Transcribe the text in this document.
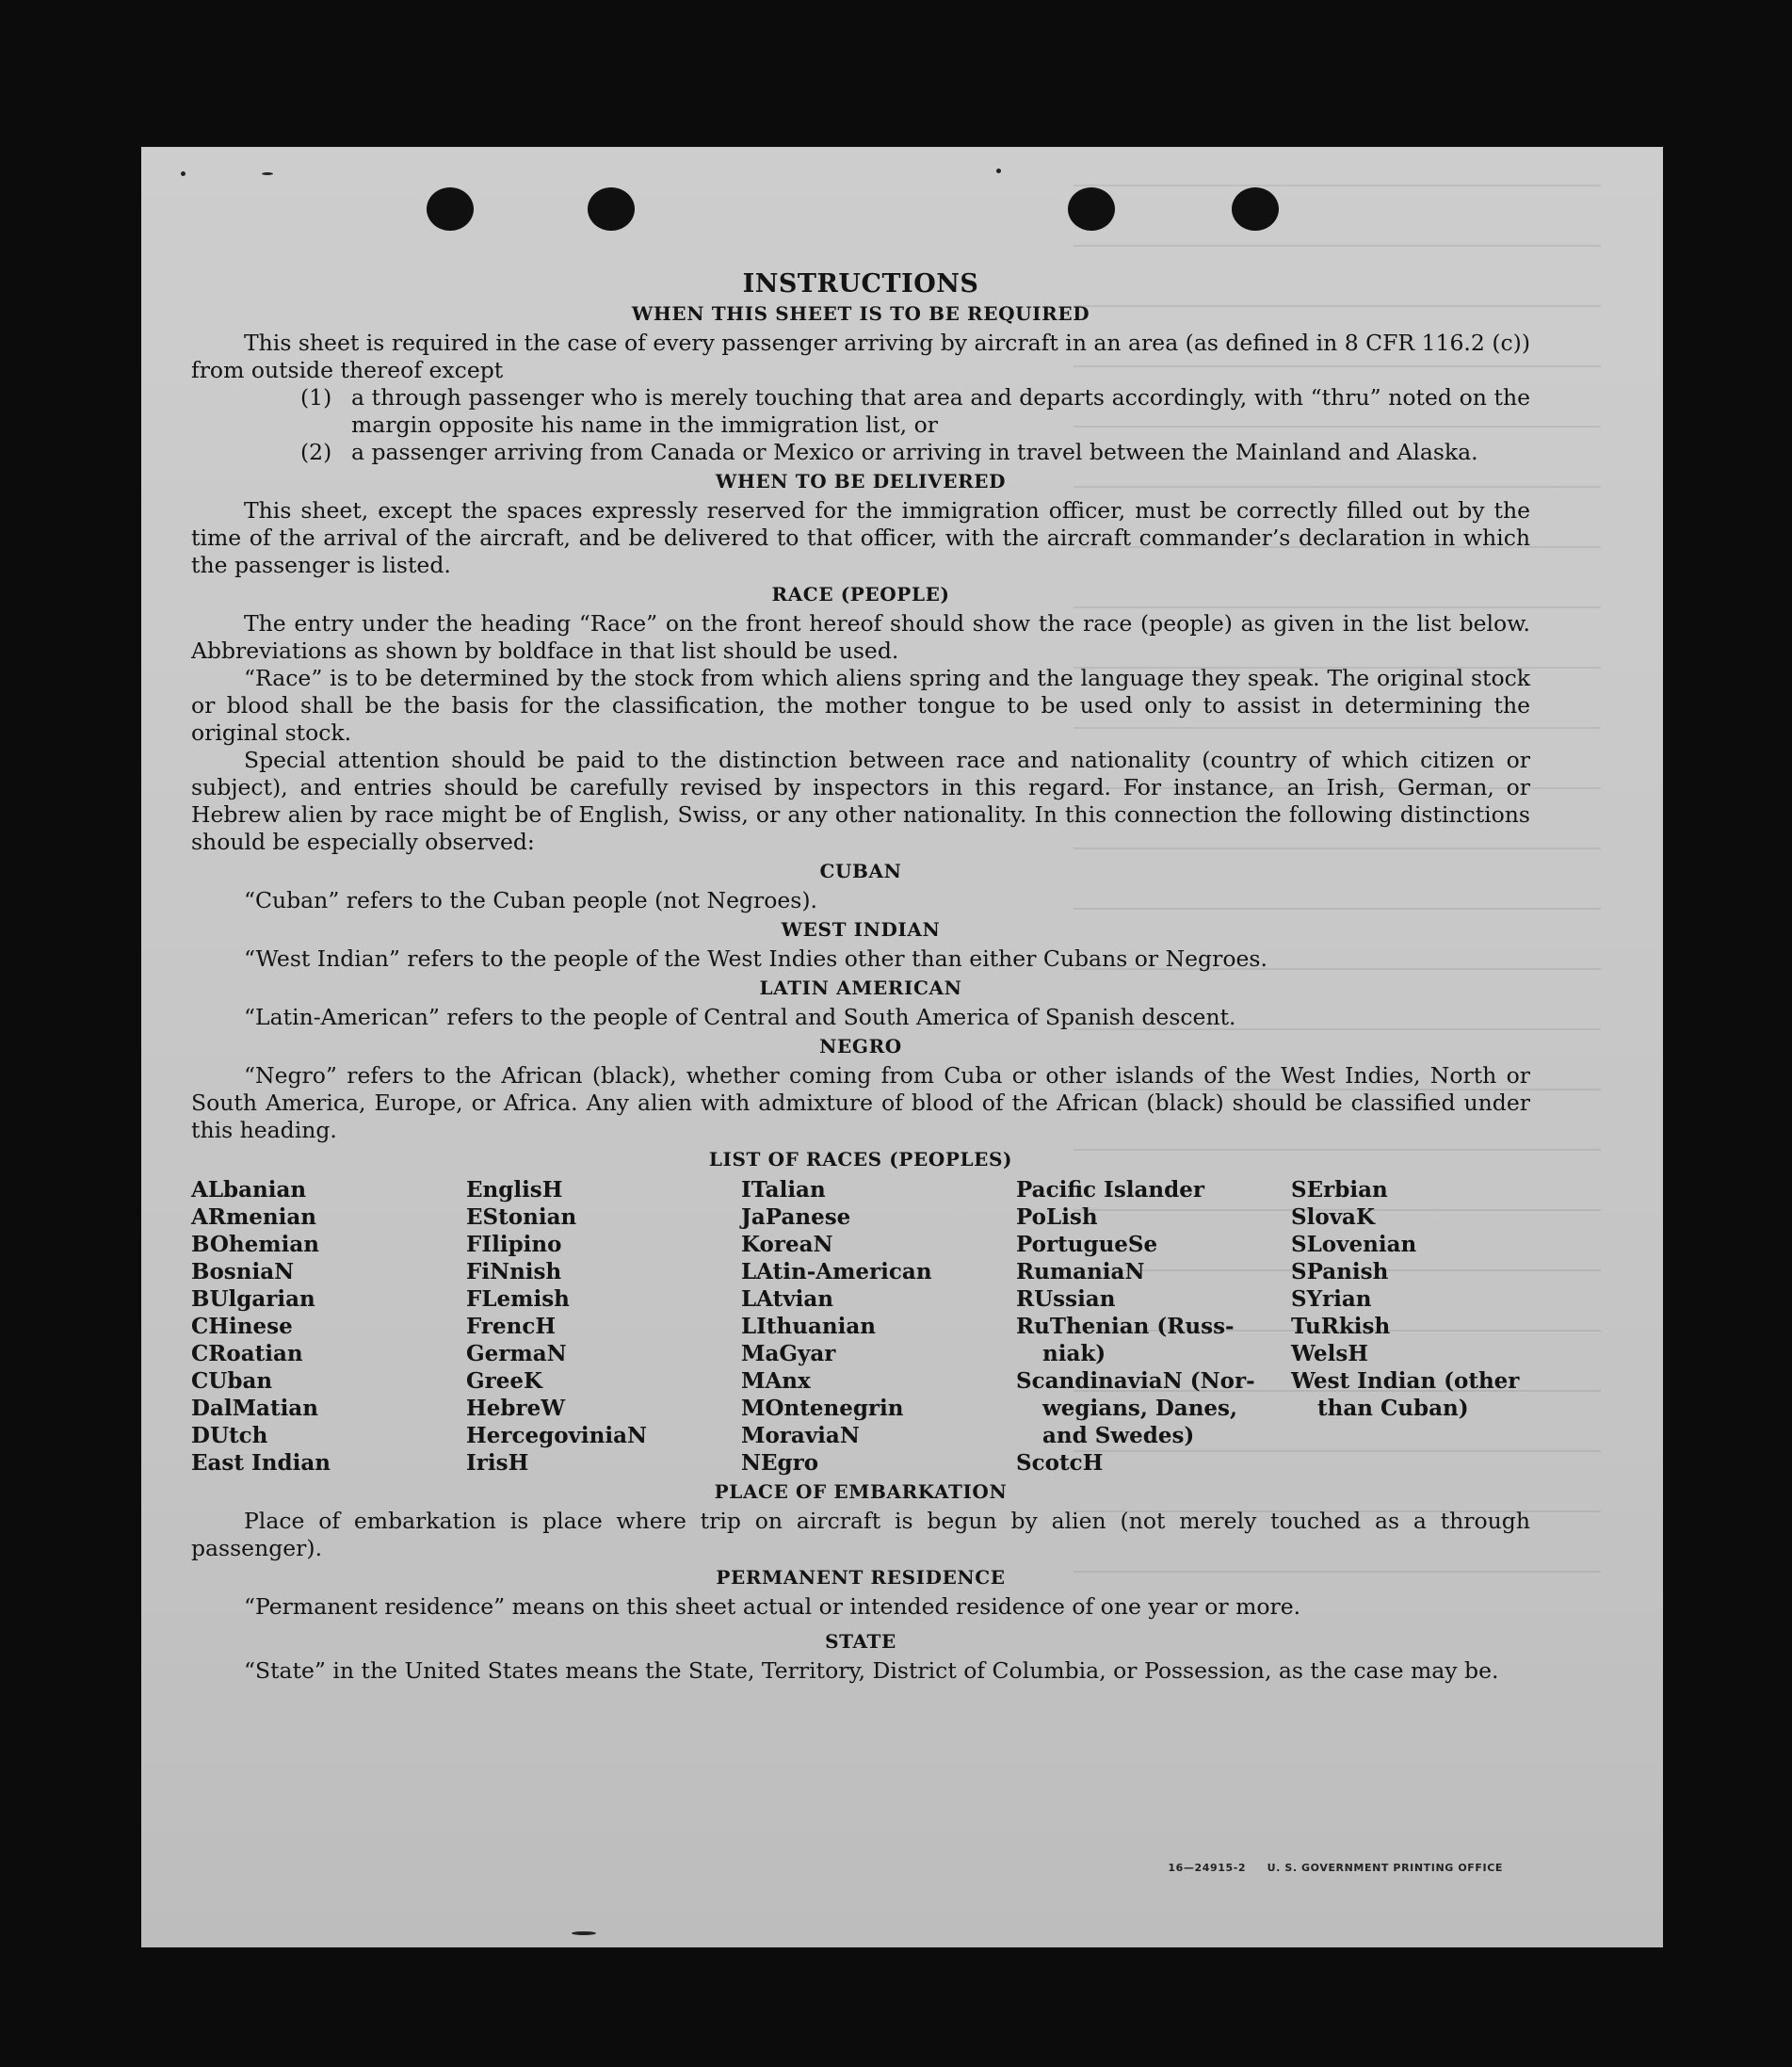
INSTRUCTIONS
WHEN THIS SHEET IS TO BE REQUIRED

This sheet is required in the case of every passenger arriving by aircraft in an area (as defined in 8 CFR 116.2 (c)) from outside thereof except

(1) a through passenger who is merely touching that area and departs accordingly, with “thru” noted on the margin opposite his name in the immigration list, or
(2) a passenger arriving from Canada or Mexico or arriving in travel between the Mainland and Alaska.
WHEN TO BE DELIVERED

This sheet, except the spaces expressly reserved for the immigration officer, must be correctly filled out by the time of the arrival of the aircraft, and be delivered to that officer, with the aircraft commander’s declaration in which the passenger is listed.

RACE (PEOPLE)

The entry under the heading “Race” on the front hereof should show the race (people) as given in the list below. Abbreviations as shown by boldface in that list should be used.

“Race” is to be determined by the stock from which aliens spring and the language they speak. The original stock or blood shall be the basis for the classification, the mother tongue to be used only to assist in determining the original stock.

Special attention should be paid to the distinction between race and nationality (country of which citizen or subject), and entries should be carefully revised by inspectors in this regard. For instance, an Irish, German, or Hebrew alien by race might be of English, Swiss, or any other nationality. In this connection the following distinctions should be especially observed:

CUBAN

“Cuban” refers to the Cuban people (not Negroes).

WEST INDIAN

“West Indian” refers to the people of the West Indies other than either Cubans or Negroes.

LATIN AMERICAN

“Latin-American” refers to the people of Central and South America of Spanish descent.

NEGRO

“Negro” refers to the African (black), whether coming from Cuba or other islands of the West Indies, North or South America, Europe, or Africa. Any alien with admixture of blood of the African (black) should be classified under this heading.

LIST OF RACES (PEOPLES)
ALbanian
ARmenian
BOhemian
BosniaN
BUlgarian
CHinese
CRoatian
CUban
DalMatian
DUtch
East Indian
EnglisH
EStonian
FIlipino
FiNnish
FLemish
FrencH
GermaN
GreeK
HebreW
HercegoviniaN
IrisH
ITalian
JaPanese
KoreaN
LAtin-American
LAtvian
LIthuanian
MaGyar
MAnx
MOntenegrin
MoraviaN
NEgro
Pacific Islander
PoLish
PortugueSe
RumaniaN
RUssian
RuThenian (Russ-
niak)
ScandinaviaN (Nor-
wegians, Danes,
and Swedes)
ScotcH
SErbian
SlovaK
SLovenian
SPanish
SYrian
TuRkish
WelsH
West Indian (other
than Cuban)
PLACE OF EMBARKATION

Place of embarkation is place where trip on aircraft is begun by alien (not merely touched as a through passenger).

PERMANENT RESIDENCE

“Permanent residence” means on this sheet actual or intended residence of one year or more.

STATE

“State” in the United States means the State, Territory, District of Columbia, or Possession, as the case may be.

16—24915-2 U. S. GOVERNMENT PRINTING OFFICE
